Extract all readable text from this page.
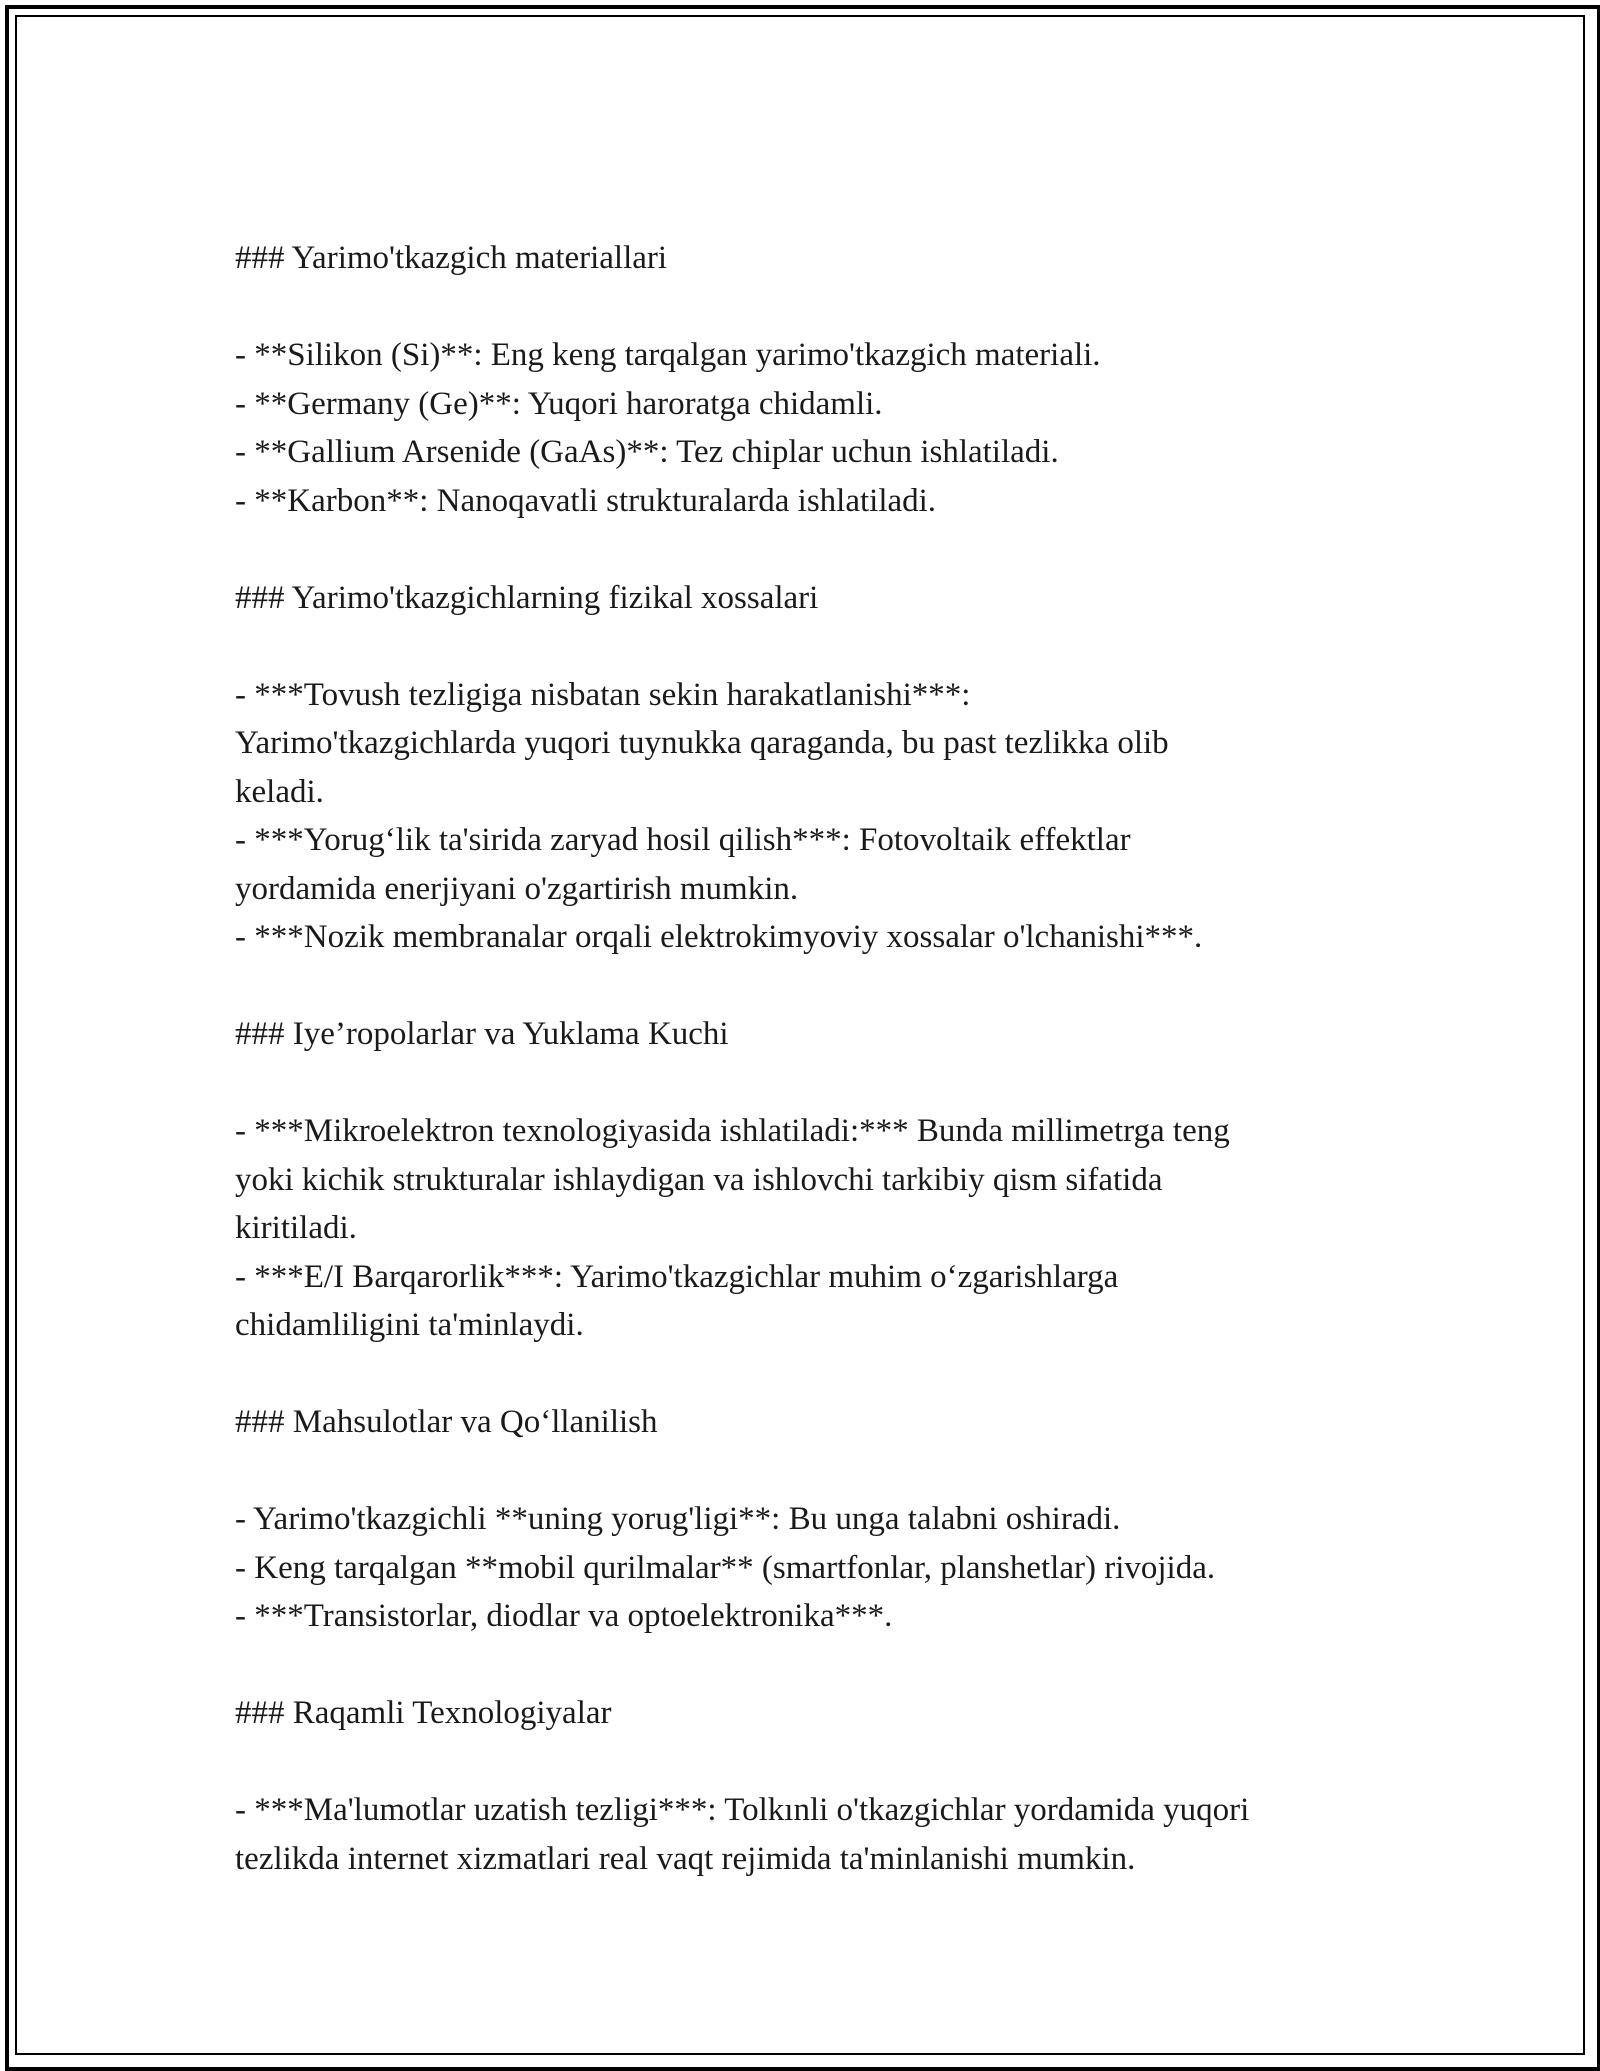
### Yarimo'tkazgich materiallari

- **Silikon (Si)**: Eng keng tarqalgan yarimo'tkazgich materiali.

- **Germany (Ge)**: Yuqori haroratga chidamli.

- **Gallium Arsenide (GaAs)**: Tez chiplar uchun ishlatiladi.

- **Karbon**: Nanoqavatli strukturalarda ishlatiladi.

### Yarimo'tkazgichlarning fizikal xossalari

- ***Tovush tezligiga nisbatan sekin harakatlanishi***:

Yarimo'tkazgichlarda yuqori tuynukka qaraganda, bu past tezlikka olib

keladi.

- ***Yorug‘lik ta'sirida zaryad hosil qilish***: Fotovoltaik effektlar

yordamida enerjiyani o'zgartirish mumkin.

- ***Nozik membranalar orqali elektrokimyoviy xossalar o'lchanishi***.

### Iye’ropolarlar va Yuklama Kuchi

- ***Mikroelektron texnologiyasida ishlatiladi:*** Bunda millimetrga teng

yoki kichik strukturalar ishlaydigan va ishlovchi tarkibiy qism sifatida

kiritiladi.

- ***E/I Barqarorlik***: Yarimo'tkazgichlar muhim o‘zgarishlarga

chidamliligini ta'minlaydi.

### Mahsulotlar va Qo‘llanilish

- Yarimo'tkazgichli **uning yorug'ligi**: Bu unga talabni oshiradi.

- Keng tarqalgan **mobil qurilmalar** (smartfonlar, planshetlar) rivojida.

- ***Transistorlar, diodlar va optoelektronika***.

### Raqamli Texnologiyalar

- ***Ma'lumotlar uzatish tezligi***: Tolkınli o'tkazgichlar yordamida yuqori

tezlikda internet xizmatlari real vaqt rejimida ta'minlanishi mumkin.
